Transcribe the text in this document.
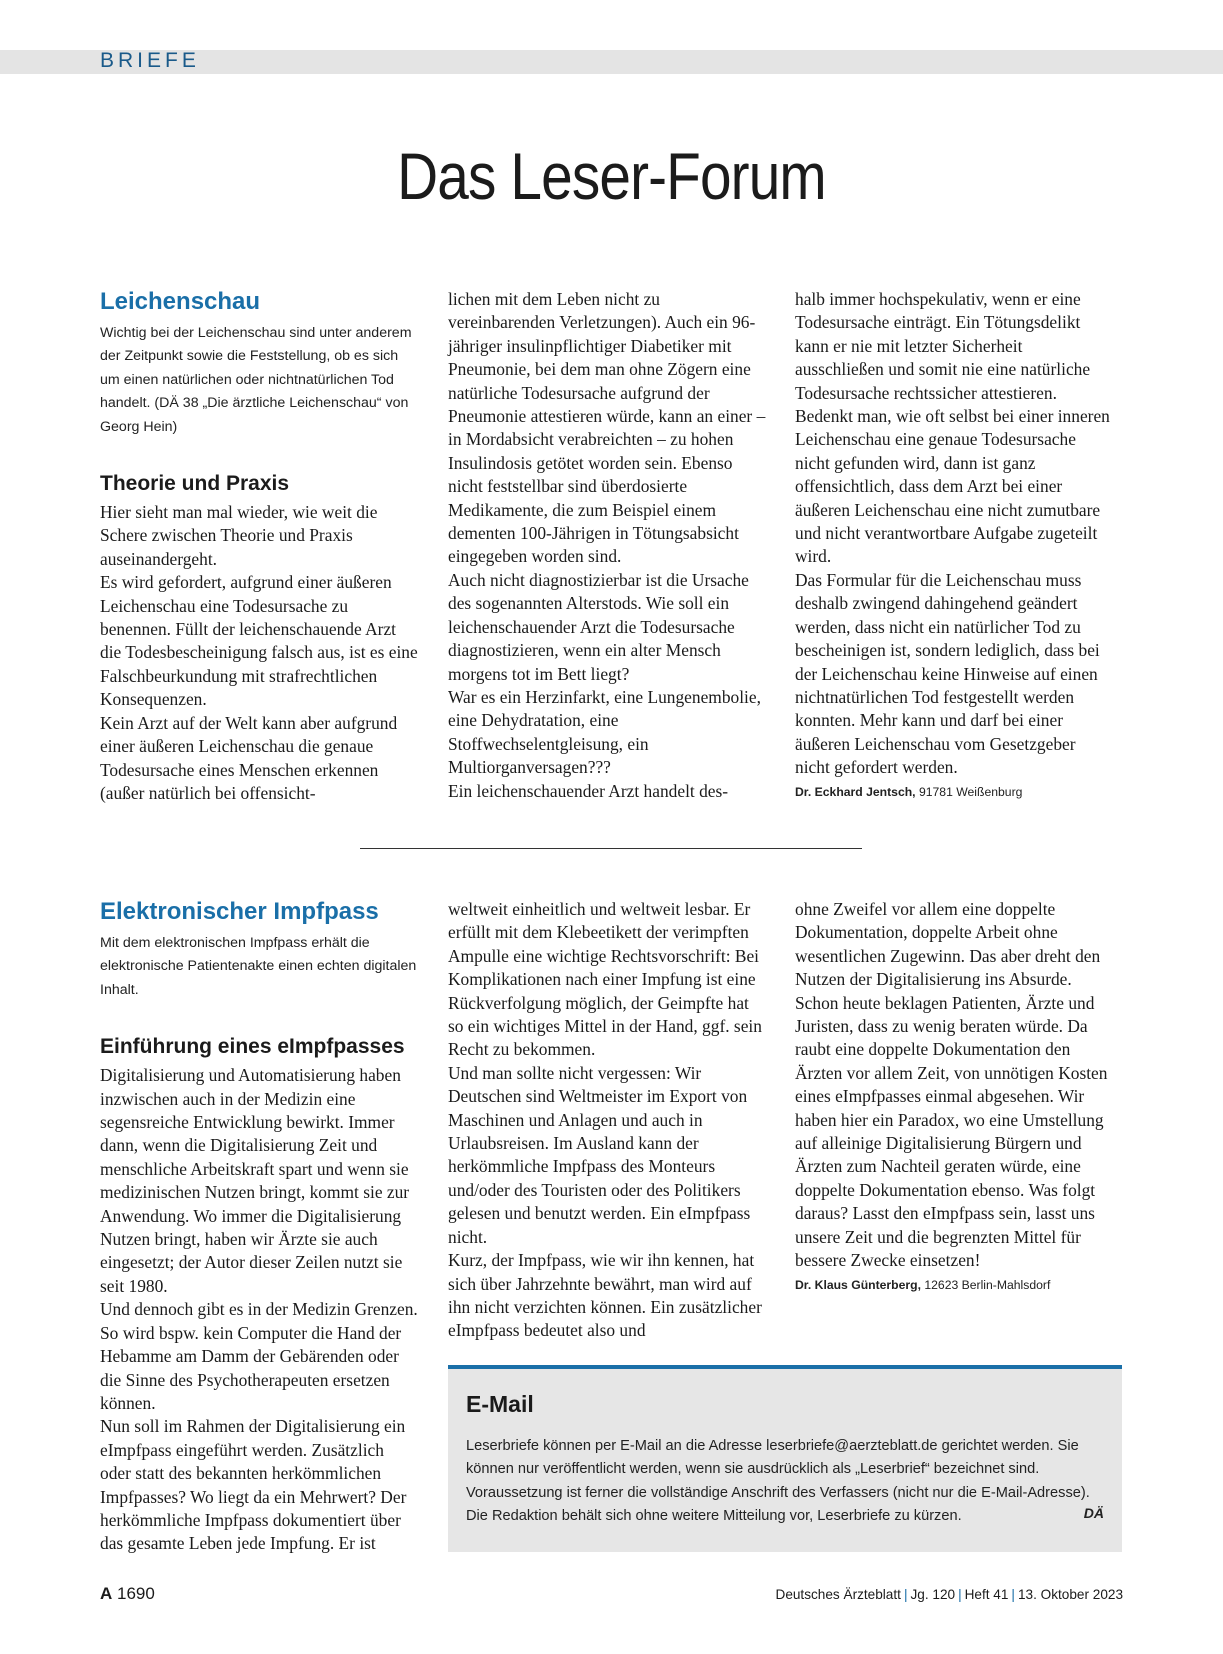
BRIEFE
Das Leser-Forum
Leichenschau

Wichtig bei der Leichenschau sind unter anderem der Zeitpunkt sowie die Feststellung, ob es sich um einen natürlichen oder nichtnatürlichen Tod handelt. (DÄ 38 „Die ärztliche Leichenschau“ von Georg Hein)

Theorie und Praxis

Hier sieht man mal wieder, wie weit die Schere zwischen Theorie und Praxis auseinandergeht.

Es wird gefordert, aufgrund einer äußeren Leichenschau eine Todesursache zu benennen. Füllt der leichenschauende Arzt die Todesbescheinigung falsch aus, ist es eine Falschbeurkundung mit strafrechtlichen Konsequenzen.

Kein Arzt auf der Welt kann aber aufgrund einer äußeren Leichenschau die genaue Todesursache eines Menschen erkennen (außer natürlich bei offensicht-

lichen mit dem Leben nicht zu vereinbarenden Verletzungen). Auch ein 96-jähriger insulinpflichtiger Diabetiker mit Pneumonie, bei dem man ohne Zögern eine natürliche Todesursache aufgrund der Pneumonie attestieren würde, kann an einer – in Mordabsicht verabreichten – zu hohen Insulindosis getötet worden sein. Ebenso nicht feststellbar sind überdosierte Medikamente, die zum Beispiel einem dementen 100-Jährigen in Tötungsabsicht eingegeben worden sind.

Auch nicht diagnostizierbar ist die Ursache des sogenannten Alterstods. Wie soll ein leichenschauender Arzt die Todesursache diagnostizieren, wenn ein alter Mensch morgens tot im Bett liegt?

War es ein Herzinfarkt, eine Lungenembolie, eine Dehydratation, eine Stoffwechselentgleisung, ein Multiorganversagen???

Ein leichenschauender Arzt handelt des-

halb immer hochspekulativ, wenn er eine Todesursache einträgt. Ein Tötungsdelikt kann er nie mit letzter Sicherheit ausschließen und somit nie eine natürliche Todesursache rechtssicher attestieren.

Bedenkt man, wie oft selbst bei einer inneren Leichenschau eine genaue Todesursache nicht gefunden wird, dann ist ganz offensichtlich, dass dem Arzt bei einer äußeren Leichenschau eine nicht zumutbare und nicht verantwortbare Aufgabe zugeteilt wird.

Das Formular für die Leichenschau muss deshalb zwingend dahingehend geändert werden, dass nicht ein natürlicher Tod zu bescheinigen ist, sondern lediglich, dass bei der Leichenschau keine Hinweise auf einen nichtnatürlichen Tod festgestellt werden konnten. Mehr kann und darf bei einer äußeren Leichenschau vom Gesetzgeber nicht gefordert werden.

Dr. Eckhard Jentsch, 91781 Weißenburg
Elektronischer Impfpass

Mit dem elektronischen Impfpass erhält die elektronische Patientenakte einen echten digitalen Inhalt.

Einführung eines eImpfpasses

Digitalisierung und Automatisierung haben inzwischen auch in der Medizin eine segensreiche Entwicklung bewirkt. Immer dann, wenn die Digitalisierung Zeit und menschliche Arbeitskraft spart und wenn sie medizinischen Nutzen bringt, kommt sie zur Anwendung. Wo immer die Digitalisierung Nutzen bringt, haben wir Ärzte sie auch eingesetzt; der Autor dieser Zeilen nutzt sie seit 1980.

Und dennoch gibt es in der Medizin Grenzen. So wird bspw. kein Computer die Hand der Hebamme am Damm der Gebärenden oder die Sinne des Psychotherapeuten ersetzen können.

Nun soll im Rahmen der Digitalisierung ein eImpfpass eingeführt werden. Zusätzlich oder statt des bekannten herkömmlichen Impfpasses? Wo liegt da ein Mehrwert? Der herkömmliche Impfpass dokumentiert über das gesamte Leben jede Impfung. Er ist

weltweit einheitlich und weltweit lesbar. Er erfüllt mit dem Klebeetikett der verimpften Ampulle eine wichtige Rechtsvorschrift: Bei Komplikationen nach einer Impfung ist eine Rückverfolgung möglich, der Geimpfte hat so ein wichtiges Mittel in der Hand, ggf. sein Recht zu bekommen.

Und man sollte nicht vergessen: Wir Deutschen sind Weltmeister im Export von Maschinen und Anlagen und auch in Urlaubsreisen. Im Ausland kann der herkömmliche Impfpass des Monteurs und/oder des Touristen oder des Politikers gelesen und benutzt werden. Ein eImpfpass nicht.

Kurz, der Impfpass, wie wir ihn kennen, hat sich über Jahrzehnte bewährt, man wird auf ihn nicht verzichten können. Ein zusätzlicher eImpfpass bedeutet also und

ohne Zweifel vor allem eine doppelte Dokumentation, doppelte Arbeit ohne wesentlichen Zugewinn. Das aber dreht den Nutzen der Digitalisierung ins Absurde.

Schon heute beklagen Patienten, Ärzte und Juristen, dass zu wenig beraten würde. Da raubt eine doppelte Dokumentation den Ärzten vor allem Zeit, von unnötigen Kosten eines eImpfpasses einmal abgesehen. Wir haben hier ein Paradox, wo eine Umstellung auf alleinige Digitalisierung Bürgern und Ärzten zum Nachteil geraten würde, eine doppelte Dokumentation ebenso. Was folgt daraus? Lasst den eImpfpass sein, lasst uns unsere Zeit und die begrenzten Mittel für bessere Zwecke einsetzen!

Dr. Klaus Günterberg, 12623 Berlin-Mahlsdorf
E-Mail

Leserbriefe können per E-Mail an die Adresse leserbriefe@aerzteblatt.de gerichtet werden. Sie können nur veröffentlicht werden, wenn sie ausdrücklich als „Leserbrief“ bezeichnet sind. Voraussetzung ist ferner die vollständige Anschrift des Verfassers (nicht nur die E-Mail-Adresse). Die Redaktion behält sich ohne weitere Mitteilung vor, Leserbriefe zu kürzen.	DÄ
A 1690	Deutsches Ärzteblatt | Jg. 120 | Heft 41 | 13. Oktober 2023
